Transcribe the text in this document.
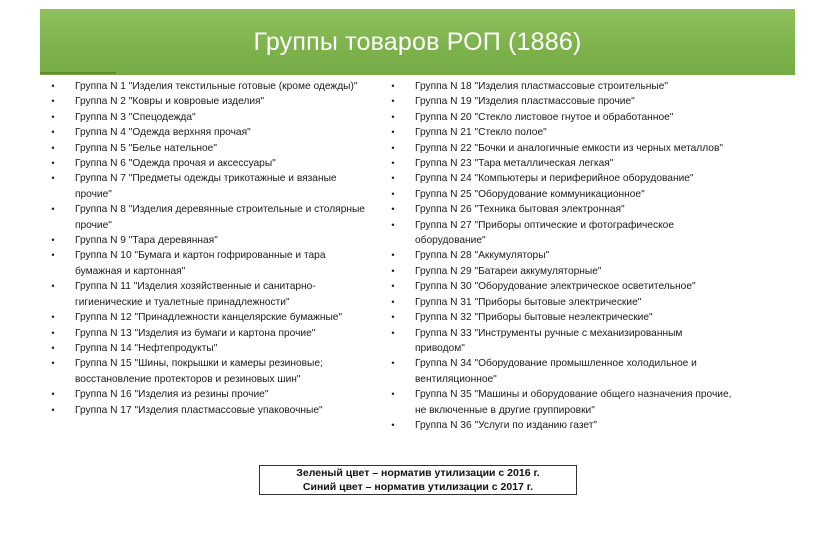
Группы товаров РОП (1886)
•	Группа N 1 "Изделия текстильные готовые (кроме одежды)"
•	Группа N 2 "Ковры и ковровые изделия"
•	Группа N 3 "Спецодежда"
•	Группа N 4 "Одежда верхняя прочая"
•	Группа N 5 "Белье нательное"
•	Группа N 6 "Одежда прочая и аксессуары"
•	Группа N 7 "Предметы одежды трикотажные и вязаные прочие"
•	Группа N 8 "Изделия деревянные строительные и столярные прочие"
•	Группа N 9 "Тара деревянная"
•	Группа N 10 "Бумага и картон гофрированные и тара бумажная и картонная"
•	Группа N 11 "Изделия хозяйственные и санитарно-гигиенические и туалетные принадлежности"
•	Группа N 12 "Принадлежности канцелярские бумажные"
•	Группа N 13 "Изделия из бумаги и картона прочие"
•	Группа N 14 "Нефтепродукты"
•	Группа N 15 "Шины, покрышки и камеры резиновые; восстановление протекторов и резиновых шин"
•	Группа N 16 "Изделия из резины прочие"
•	Группа N 17 "Изделия пластмассовые упаковочные"
•	Группа N 18 "Изделия пластмассовые строительные"
•	Группа N 19 "Изделия пластмассовые прочие"
•	Группа N 20 "Стекло листовое гнутое и обработанное"
•	Группа N 21 "Стекло полое"
•	Группа N 22 "Бочки и аналогичные емкости из черных металлов"
•	Группа N 23 "Тара металлическая легкая"
•	Группа N 24 "Компьютеры и периферийное оборудование"
•	Группа N 25 "Оборудование коммуникационное"
•	Группа N 26 "Техника бытовая электронная"
•	Группа N 27 "Приборы оптические и фотографическое оборудование"
•	Группа N 28 "Аккумуляторы"
•	Группа N 29 "Батареи аккумуляторные"
•	Группа N 30 "Оборудование электрическое осветительное"
•	Группа N 31 "Приборы бытовые электрические"
•	Группа N 32 "Приборы бытовые неэлектрические"
•	Группа N 33 "Инструменты ручные с механизированным приводом"
•	Группа N 34 "Оборудование промышленное холодильное и вентиляционное"
•	Группа N 35 "Машины и оборудование общего назначения прочие, не включенные в другие группировки"
•	Группа N 36 "Услуги по изданию газет"
Зеленый цвет – норматив утилизации с 2016 г.
Синий цвет – норматив утилизации с 2017 г.
